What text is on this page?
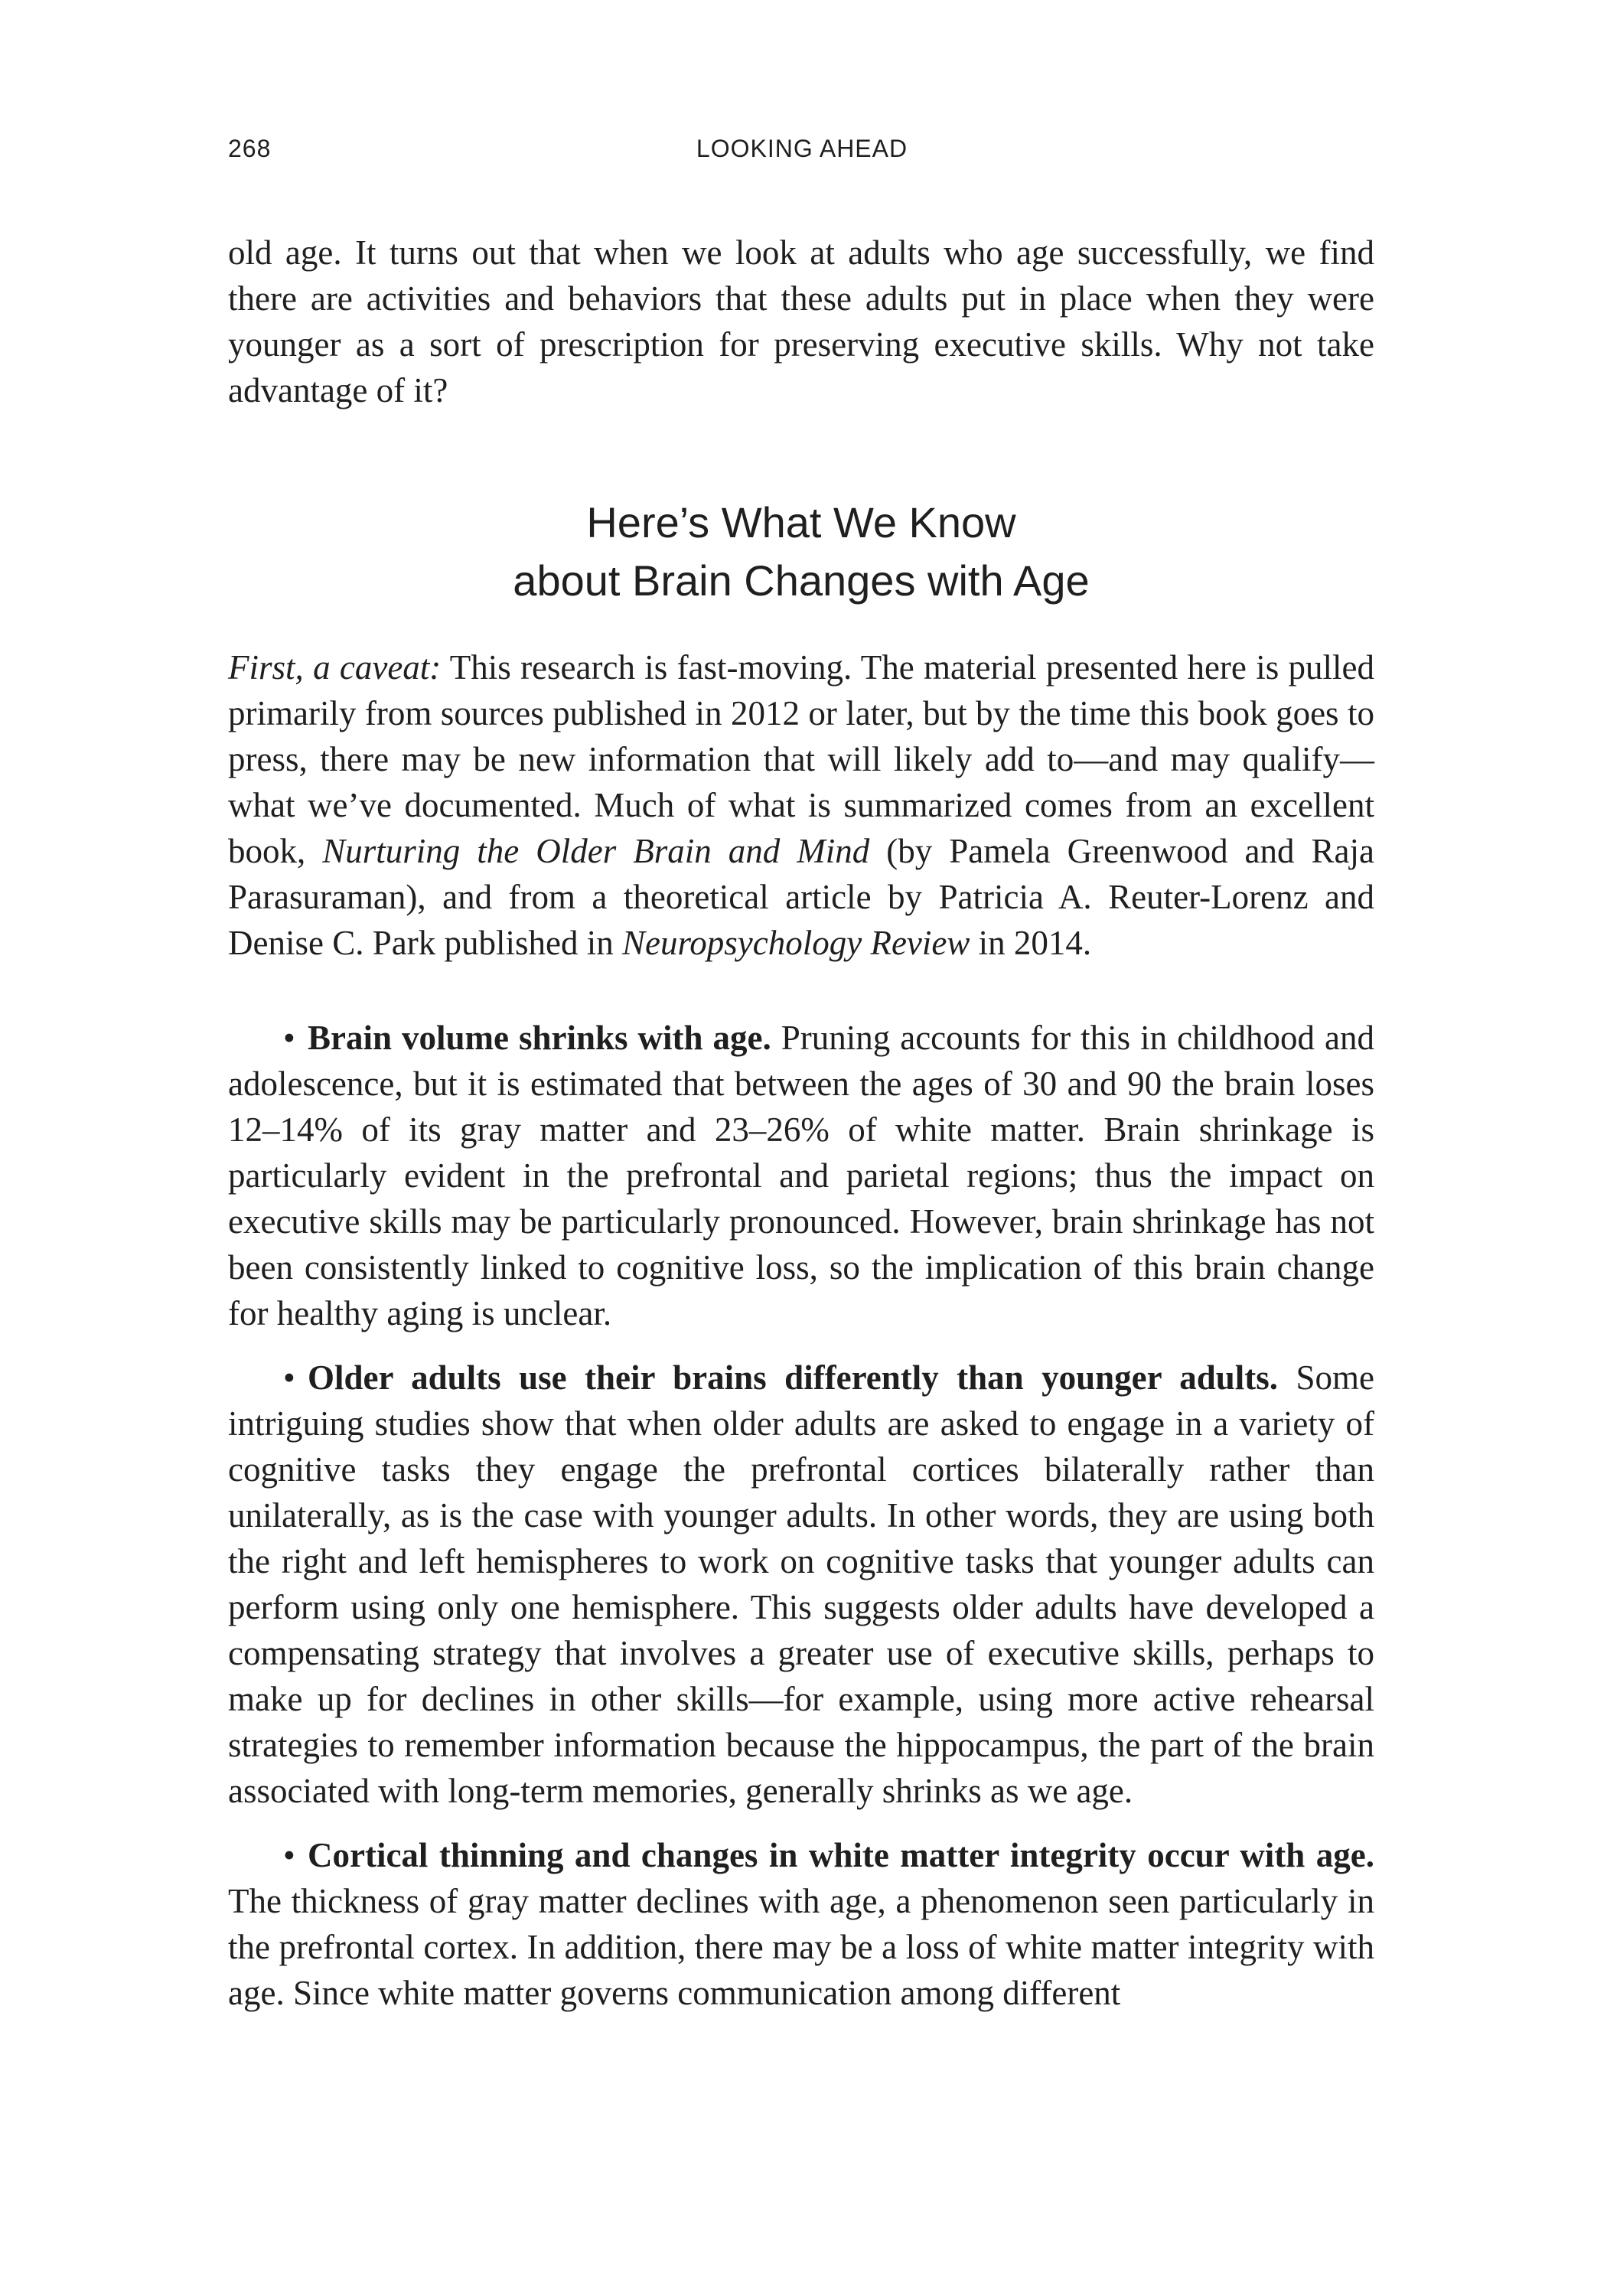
268	LOOKING AHEAD

old age. It turns out that when we look at adults who age successfully, we find there are activities and behaviors that these adults put in place when they were younger as a sort of prescription for preserving executive skills. Why not take advantage of it?

Here’s What We Know
about Brain Changes with Age

First, a caveat: This research is fast-moving. The material presented here is pulled primarily from sources published in 2012 or later, but by the time this book goes to press, there may be new information that will likely add to—and may qualify—what we’ve documented. Much of what is summarized comes from an excellent book, Nurturing the Older Brain and Mind (by Pamela Greenwood and Raja Parasuraman), and from a theoretical article by Patricia A. Reuter-Lorenz and Denise C. Park published in Neuropsychology Review in 2014.

• Brain volume shrinks with age. Pruning accounts for this in childhood and adolescence, but it is estimated that between the ages of 30 and 90 the brain loses 12–14% of its gray matter and 23–26% of white matter. Brain shrinkage is particularly evident in the prefrontal and parietal regions; thus the impact on executive skills may be particularly pronounced. However, brain shrinkage has not been consistently linked to cognitive loss, so the implication of this brain change for healthy aging is unclear.

• Older adults use their brains differently than younger adults. Some intriguing studies show that when older adults are asked to engage in a variety of cognitive tasks they engage the prefrontal cortices bilaterally rather than unilaterally, as is the case with younger adults. In other words, they are using both the right and left hemispheres to work on cognitive tasks that younger adults can perform using only one hemisphere. This suggests older adults have developed a compensating strategy that involves a greater use of executive skills, perhaps to make up for declines in other skills—for example, using more active rehearsal strategies to remember information because the hippocampus, the part of the brain associated with long-term memories, generally shrinks as we age.

• Cortical thinning and changes in white matter integrity occur with age. The thickness of gray matter declines with age, a phenomenon seen particularly in the prefrontal cortex. In addition, there may be a loss of white matter integrity with age. Since white matter governs communication among different
